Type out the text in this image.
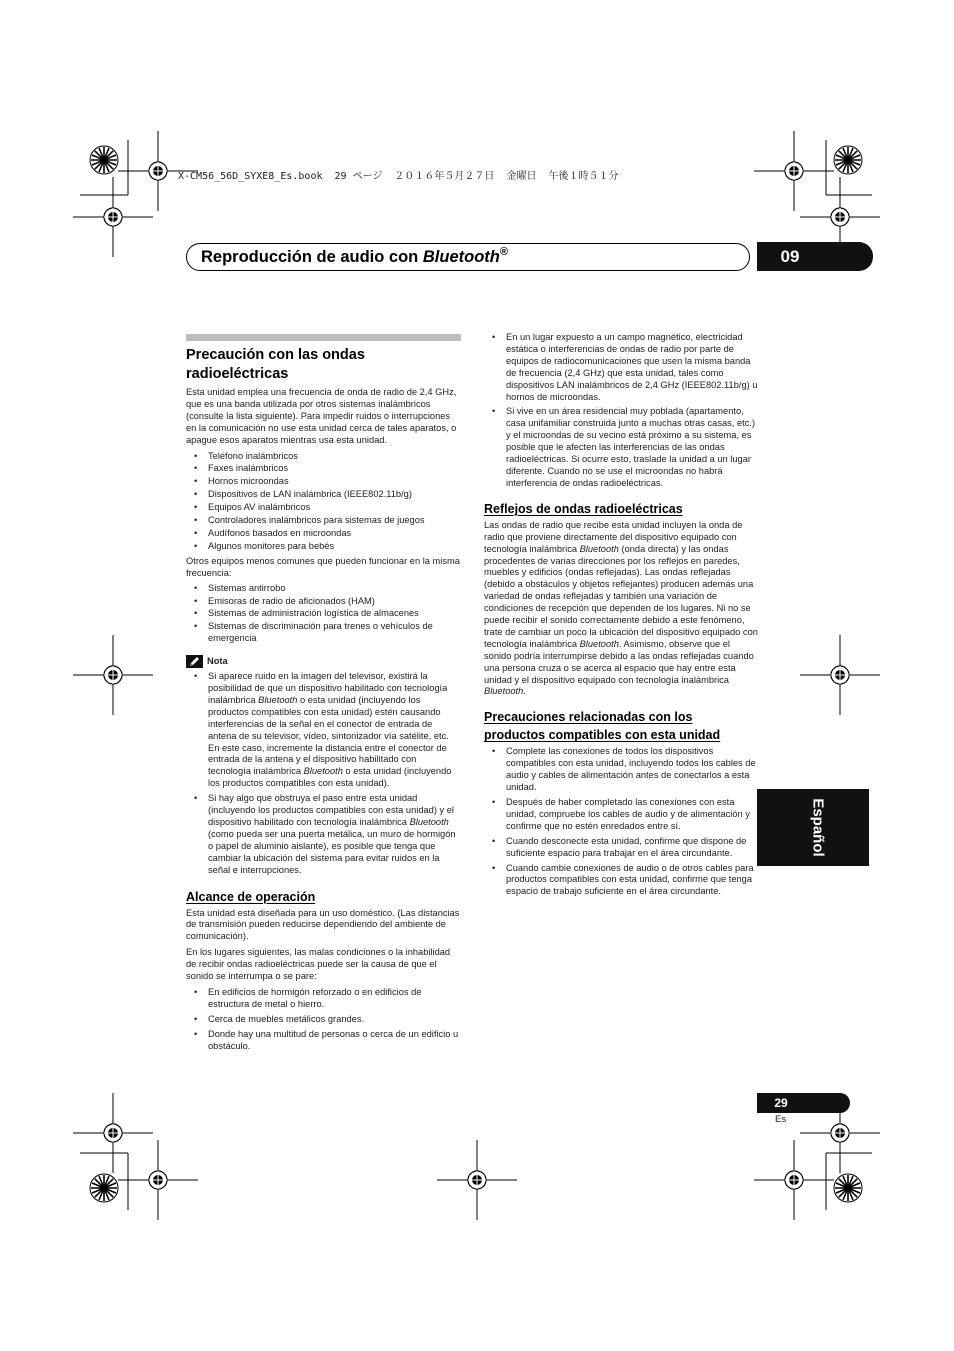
X-CM56_56D_SYXE8_Es.book  29 ページ  ２０１６年５月２７日  金曜日  午後１時５１分
Reproducción de audio con Bluetooth®	09
Español
Precaución con las ondas radioeléctricas

Esta unidad emplea una frecuencia de onda de radio de 2,4 GHz, que es una banda utilizada por otros sistemas inalámbricos (consulte la lista siguiente). Para impedir ruidos o interrupciones en la comunicación no use esta unidad cerca de tales aparatos, o apague esos aparatos mientras usa esta unidad.

• Teléfono inalámbricos
• Faxes inalámbricos
• Hornos microondas
• Dispositivos de LAN inalámbrica (IEEE802.11b/g)
• Equipos AV inalámbricos
• Controladores inalámbricos para sistemas de juegos
• Audífonos basados en microondas
• Algunos monitores para bebés

Otros equipos menos comunes que pueden funcionar en la misma frecuencia:

• Sistemas antirrobo
• Emisoras de radio de aficionados (HAM)
• Sistemas de administración logística de almacenes
• Sistemas de discriminación para trenes o vehículos de emergencia
Nota
• Si aparece ruido en la imagen del televisor, existirá la posibilidad de que un dispositivo habilitado con tecnología inalámbrica Bluetooth o esta unidad (incluyendo los productos compatibles con esta unidad) estén causando interferencias de la señal en el conector de entrada de antena de su televisor, vídeo, sintonizador vía satélite, etc. En este caso, incremente la distancia entre el conector de entrada de la antena y el dispositivo habilitado con tecnología inalámbrica Bluetooth o esta unidad (incluyendo los productos compatibles con esta unidad).
• Si hay algo que obstruya el paso entre esta unidad (incluyendo los productos compatibles con esta unidad) y el dispositivo habilitado con tecnología inalámbrica Bluetooth (como pueda ser una puerta metálica, un muro de hormigón o papel de aluminio aislante), es posible que tenga que cambiar la ubicación del sistema para evitar ruidos en la señal e interrupciones.
Alcance de operación

Esta unidad está diseñada para un uso doméstico. (Las distancias de transmisión pueden reducirse dependiendo del ambiente de comunicación).

En los lugares siguientes, las malas condiciones o la inhabilidad de recibir ondas radioeléctricas puede ser la causa de que el sonido se interrumpa o se pare:

• En edificios de hormigón reforzado o en edificios de estructura de metal o hierro.
• Cerca de muebles metálicos grandes.
• Donde hay una multitud de personas o cerca de un edificio u obstáculo.
• En un lugar expuesto a un campo magnético, electricidad estática o interferencias de ondas de radio por parte de equipos de radiocomunicaciones que usen la misma banda de frecuencia (2,4 GHz) que esta unidad, tales como dispositivos LAN inalámbricos de 2,4 GHz (IEEE802.11b/g) u hornos de microondas.
• Si vive en un área residencial muy poblada (apartamento, casa unifamiliar construida junto a muchas otras casas, etc.) y el microondas de su vecino está próximo a su sistema, es posible que le afecten las interferencias de las ondas radioeléctricas. Si ocurre esto, traslade la unidad a un lugar diferente. Cuando no se use el microondas no habrá interferencia de ondas radioeléctricas.
Reflejos de ondas radioeléctricas

Las ondas de radio que recibe esta unidad incluyen la onda de radio que proviene directamente del dispositivo equipado con tecnología inalámbrica Bluetooth (onda directa) y las ondas procedentes de varias direcciones por los reflejos en paredes, muebles y edificios (ondas reflejadas). Las ondas reflejadas (debido a obstáculos y objetos reflejantes) producen además una variedad de ondas reflejadas y también una variación de condiciones de recepción que dependen de los lugares. Ni no se puede recibir el sonido correctamente debido a este fenómeno, trate de cambiar un poco la ubicación del dispositivo equipado con tecnología inalámbrica Bluetooth. Asimismo, observe que el sonido podría interrumpirse debido a las ondas reflejadas cuando una persona cruza o se acerca al espacio que hay entre esta unidad y el dispositivo equipado con tecnología inalámbrica Bluetooth.

Precauciones relacionadas con los
productos compatibles con esta unidad
• Complete las conexiones de todos los dispositivos compatibles con esta unidad, incluyendo todos los cables de audio y cables de alimentación antes de conectarlos a esta unidad.
• Después de haber completado las conexiones con esta unidad, compruebe los cables de audio y de alimentación y confirme que no estén enredados entre sí.
• Cuando desconecte esta unidad, confirme que dispone de suficiente espacio para trabajar en el área circundante.
• Cuando cambie conexiones de audio o de otros cables para productos compatibles con esta unidad, confirme que tenga espacio de trabajo suficiente en el área circundante.
29
Es
